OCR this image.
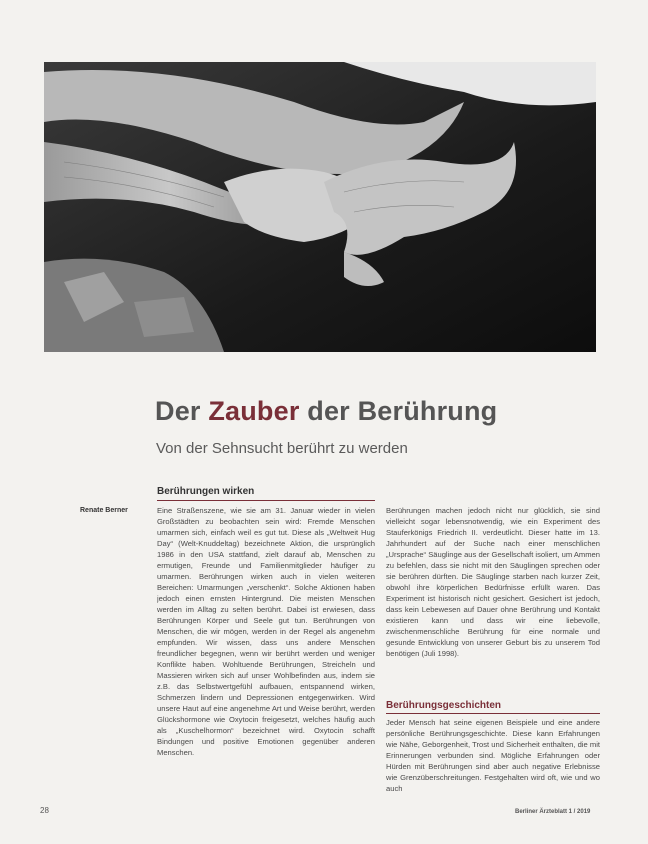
Der Zauber der Berührung
Von der Sehnsucht berührt zu werden
Berührungen wirken
Renate Berner	Eine Straßenszene, wie sie am 31. Januar wieder in vielen Großstädten zu beobachten sein wird: Fremde Menschen umarmen sich, einfach weil es gut tut. Diese als „Weltweit Hug Day“ (Welt-Knuddeltag) bezeichnete Aktion, die ursprünglich 1986 in den USA stattfand, zielt darauf ab, Menschen zu ermutigen, Freunde und Familienmitglieder häufiger zu umarmen. Berührungen wirken auch in vielen weiteren Bereichen: Umarmungen „verschenkt“. Solche Aktionen haben jedoch einen ernsten Hintergrund. Die meisten Menschen werden im Alltag zu selten berührt. Dabei ist erwiesen, dass Berührungen Körper und Seele gut tun. Berührungen von Menschen, die wir mögen, werden in der Regel als angenehm empfunden. Wir wissen, dass uns andere Menschen freundlicher begegnen, wenn wir berührt werden und weniger Konflikte haben. Wohltuende Berührungen, Streicheln und Massieren wirken sich auf unser Wohlbefinden aus, indem sie z.B. das Selbstwertgefühl aufbauen, entspannend wirken, Schmerzen lindern und Depressionen entgegenwirken. Wird unsere Haut auf eine angenehme Art und Weise berührt, werden Glückshormone wie Oxytocin freigesetzt, welches häufig auch als „Kuschelhormon“ bezeichnet wird. Oxytocin schafft Bindungen und positive Emotionen gegenüber anderen Menschen.

Berührungen machen jedoch nicht nur glücklich, sie sind vielleicht sogar lebensnotwendig, wie ein Experiment des Stauferkönigs Friedrich II. verdeutlicht. Dieser hatte im 13. Jahrhundert auf der Suche nach einer menschlichen „Ursprache“ Säuglinge aus der Gesellschaft isoliert, um Ammen zu befehlen, dass sie nicht mit den Säuglingen sprechen oder sie berühren dürften. Die Säuglinge starben nach kurzer Zeit, obwohl ihre körperlichen Bedürfnisse erfüllt waren. Das Experiment ist historisch nicht gesichert. Gesichert ist jedoch, dass kein Lebewesen auf Dauer ohne Berührung und Kontakt existieren kann und dass wir eine liebevolle, zwischenmenschliche Berührung für eine normale und gesunde Entwicklung von unserer Geburt bis zu unserem Tod benötigen (Juli 1998).

Berührungsgeschichten

Jeder Mensch hat seine eigenen Beispiele und eine andere persönliche Berührungsgeschichte. Diese kann Erfahrungen wie Nähe, Geborgenheit, Trost und Sicherheit enthalten, die mit Erinnerungen verbunden sind. Mögliche Erfahrungen oder Hürden mit Berührungen sind aber auch negative Erlebnisse wie Grenzüberschreitungen. Festgehalten wird oft, wie und wo auch

28	Berliner Ärzteblatt 1 / 2019
